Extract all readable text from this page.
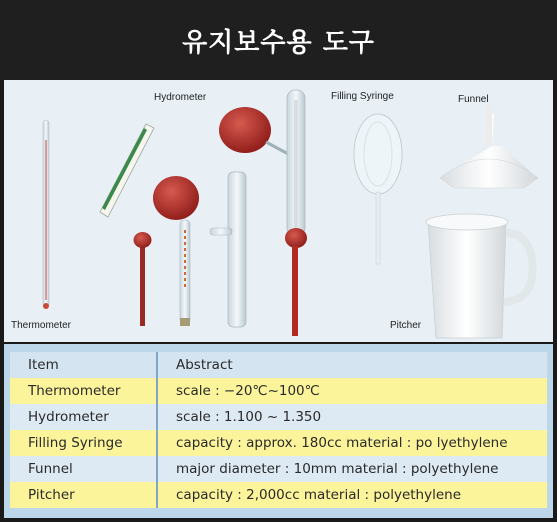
유지보수용 도구
Hydrometer	Filling Syringe	Funnel
Thermometer	Pitcher
Item	Abstract
Thermometer	scale : −20℃~100℃
Hydrometer	scale : 1.100 ~ 1.350
Filling Syringe	capacity : approx. 180cc material : po lyethylene
Funnel	major diameter : 10mm material : polyethylene
Pitcher	capacity : 2,000cc material : polyethylene
